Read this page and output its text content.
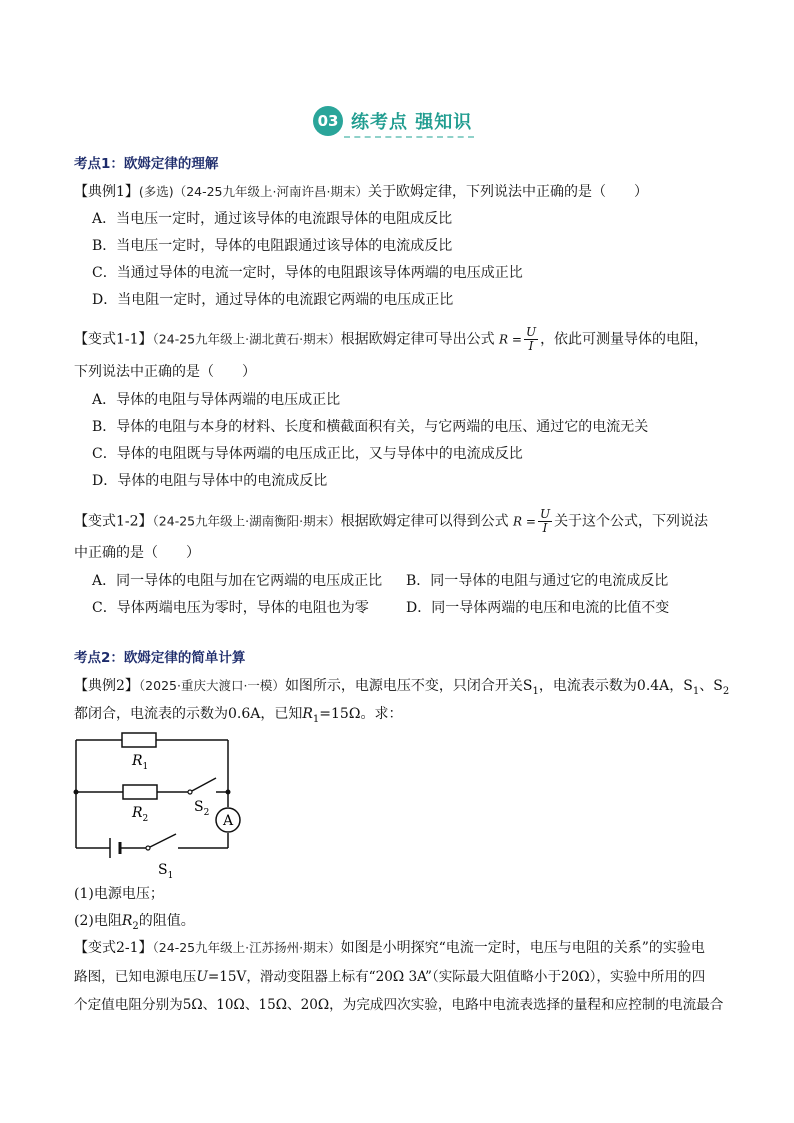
03 练考点 强知识
考点1：欧姆定律的理解
【典例1】(多选)（24-25九年级上·河南许昌·期末）关于欧姆定律，下列说法中正确的是（　　）
A．当电压一定时，通过该导体的电流跟导体的电阻成反比
B．当电压一定时，导体的电阻跟通过该导体的电流成反比
C．当通过导体的电流一定时，导体的电阻跟该导体两端的电压成正比
D．当电阻一定时，通过导体的电流跟它两端的电压成正比
【变式1-1】（24-25九年级上·湖北黄石·期末）根据欧姆定律可导出公式 $R = \frac{U}{I}$ ，依此可测量导体的电阻，
下列说法中正确的是（　　）
A．导体的电阻与导体两端的电压成正比
B．导体的电阻与本身的材料、长度和横截面积有关，与它两端的电压、通过它的电流无关
C．导体的电阻既与导体两端的电压成正比，又与导体中的电流成反比
D．导体的电阻与导体中的电流成反比
【变式1-2】（24-25九年级上·湖南衡阳·期末）根据欧姆定律可以得到公式 $R = \frac{U}{I}$ 关于这个公式，下列说法
中正确的是（　　）
A．同一导体的电阻与加在它两端的电压成正比 B．同一导体的电阻与通过它的电流成反比
C．导体两端电压为零时，导体的电阻也为零	D．同一导体两端的电压和电流的比值不变
考点2：欧姆定律的简单计算
【典例2】（2025·重庆大渡口·一模）如图所示，电源电压不变，只闭合开关$S_1$，电流表示数为0.4A，$S_1$、$S_2$
都闭合，电流表的示数为0.6A，已知$R_1=15\Omega$。求：
A
$R_1$
$R_2$
$S_2$
$S_1$
(1)电源电压；
(2)电阻$R_2$的阻值。
【变式2-1】（24-25九年级上·江苏扬州·期末）如图是小明探究“电流一定时，电压与电阻的关系”的实验电
路图，已知电源电压U=15V，滑动变阻器上标有“20Ω 3A”（实际最大阻值略小于20Ω），实验中所用的四
个定值电阻分别为5Ω、10Ω、15Ω、20Ω，为完成四次实验，电路中电流表选择的量程和应控制的电流最合
